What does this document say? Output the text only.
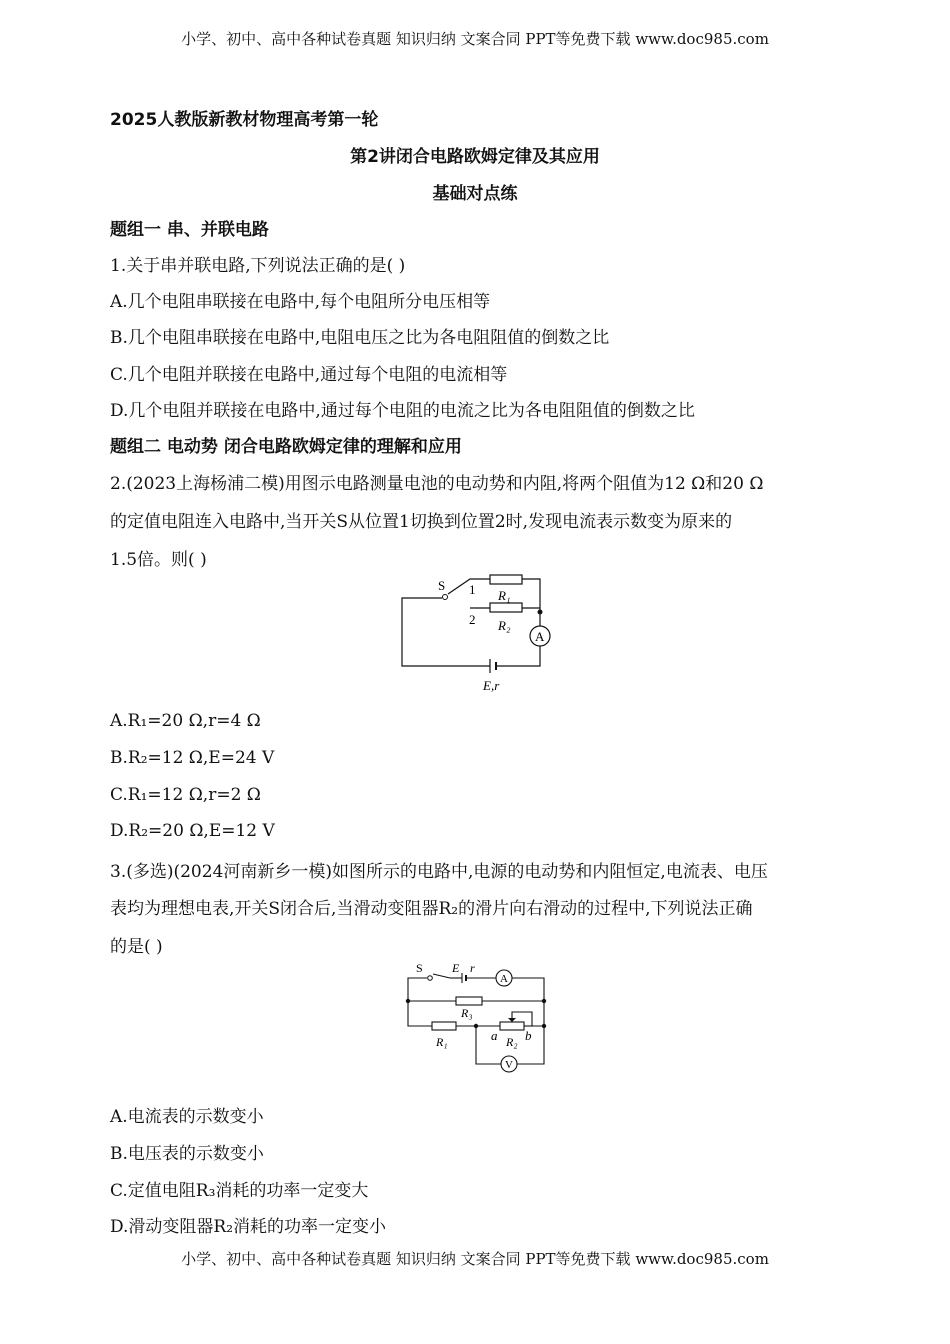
小学、初中、高中各种试卷真题 知识归纳 文案合同 PPT等免费下载 www.doc985.com
2025人教版新教材物理高考第一轮
第2讲闭合电路欧姆定律及其应用
基础对点练
题组一 串、并联电路
1.关于串并联电路,下列说法正确的是( )
A.几个电阻串联接在电路中,每个电阻所分电压相等
B.几个电阻串联接在电路中,电阻电压之比为各电阻阻值的倒数之比
C.几个电阻并联接在电路中,通过每个电阻的电流相等
D.几个电阻并联接在电路中,通过每个电阻的电流之比为各电阻阻值的倒数之比
题组二 电动势 闭合电路欧姆定律的理解和应用
2.(2023上海杨浦二模)用图示电路测量电池的电动势和内阻,将两个阻值为12 Ω和20 Ω
的定值电阻连入电路中,当开关S从位置1切换到位置2时,发现电流表示数变为原来的
1.5倍。则( )
S 1
2
R₁
R₂
A
E,r
A.R₁=20 Ω,r=4 Ω
B.R₂=12 Ω,E=24 V
C.R₁=12 Ω,r=2 Ω
D.R₂=20 Ω,E=12 V
3.(多选)(2024河南新乡一模)如图所示的电路中,电源的电动势和内阻恒定,电流表、电压
表均为理想电表,开关S闭合后,当滑动变阻器R₂的滑片向右滑动的过程中,下列说法正确
的是( )
S E r
A
R₃
R₁	a b
R₂
V
A.电流表的示数变小
B.电压表的示数变小
C.定值电阻R₃消耗的功率一定变大
D.滑动变阻器R₂消耗的功率一定变小
小学、初中、高中各种试卷真题 知识归纳 文案合同 PPT等免费下载 www.doc985.com
